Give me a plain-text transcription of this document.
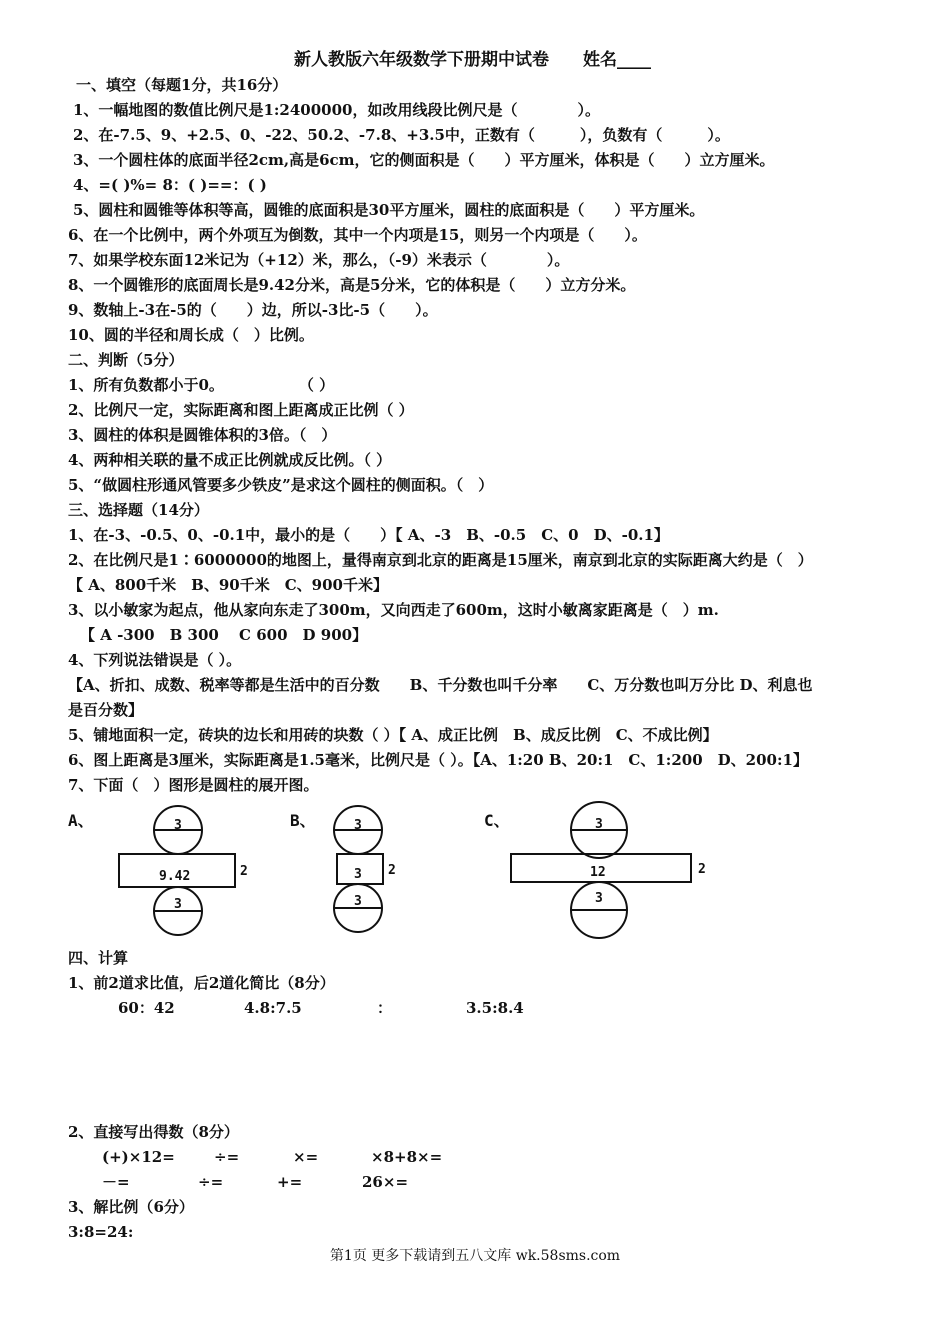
新人教版六年级数学下册期中试卷　　姓名____
一、填空（每题1分，共16分）
1、一幅地图的数值比例尺是1:2400000，如改用线段比例尺是（　　　　）。
2、在-7.5、9、+2.5、0、-22、50.2、-7.8、+3.5中，正数有（　　　），负数有（　　　）。
3、一个圆柱体的底面半径2cm,高是6cm，它的侧面积是（　　）平方厘米，体积是（　　）立方厘米。
4、=( )%= 8：( )==：( )
5、圆柱和圆锥等体积等高，圆锥的底面积是30平方厘米，圆柱的底面积是（　　）平方厘米。
6、在一个比例中，两个外项互为倒数，其中一个内项是15，则另一个内项是（　　）。
7、如果学校东面12米记为（+12）米，那么，（-9）米表示（　　　　）。
8、一个圆锥形的底面周长是9.42分米，高是5分米，它的体积是（　　）立方分米。
9、数轴上-3在-5的（　　）边，所以-3比-5（　　）。
10、圆的半径和周长成（　）比例。
二、判断（5分）
1、所有负数都小于0。　　　　　　（ ）
2、比例尺一定，实际距离和图上距离成正比例（ ）
3、圆柱的体积是圆锥体积的3倍。（　）
4、两种相关联的量不成正比例就成反比例。（ ）
5、“做圆柱形通风管要多少铁皮”是求这个圆柱的侧面积。（　）
三、选择题（14分）
1、在-3、-0.5、0、-0.1中，最小的是（　　）【 A、-3　B、-0.5　C、0　D、-0.1】
2、在比例尺是1∶6000000的地图上，量得南京到北京的距离是15厘米，南京到北京的实际距离大约是（　）
【 A、800千米　B、90千米　C、900千米】
3、以小敏家为起点，他从家向东走了300m，又向西走了600m，这时小敏离家距离是（　）m.
【 A -300　B 300　 C 600　D 900】
4、下列说法错误是（ ）。
【A、折扣、成数、税率等都是生活中的百分数　　B、千分数也叫千分率　　C、万分数也叫万分比 D、利息也
是百分数】
5、铺地面积一定，砖块的边长和用砖的块数（ ）【 A、成正比例　B、成反比例　C、不成比例】
6、图上距离是3厘米，实际距离是1.5毫米，比例尺是（ ）。【A、1:20 B、20:1　C、1:200　D、200:1】
7、下面（　）图形是圆柱的展开图。
A、	3
9.42	2
3
B、	3
3 2
3
C、	3
12	2
3
四、计算
1、前2道求比值，后2道化简比（8分）
60：42	4.8:7.5	：	3.5:8.4
2、直接写出得数（8分）
(+)×12=	÷=	×=	×8+8×=
－=	÷=	+=	26×=
3、解比例（6分）
3:8=24:
第1页 更多下载请到五八文库 wk.58sms.com
